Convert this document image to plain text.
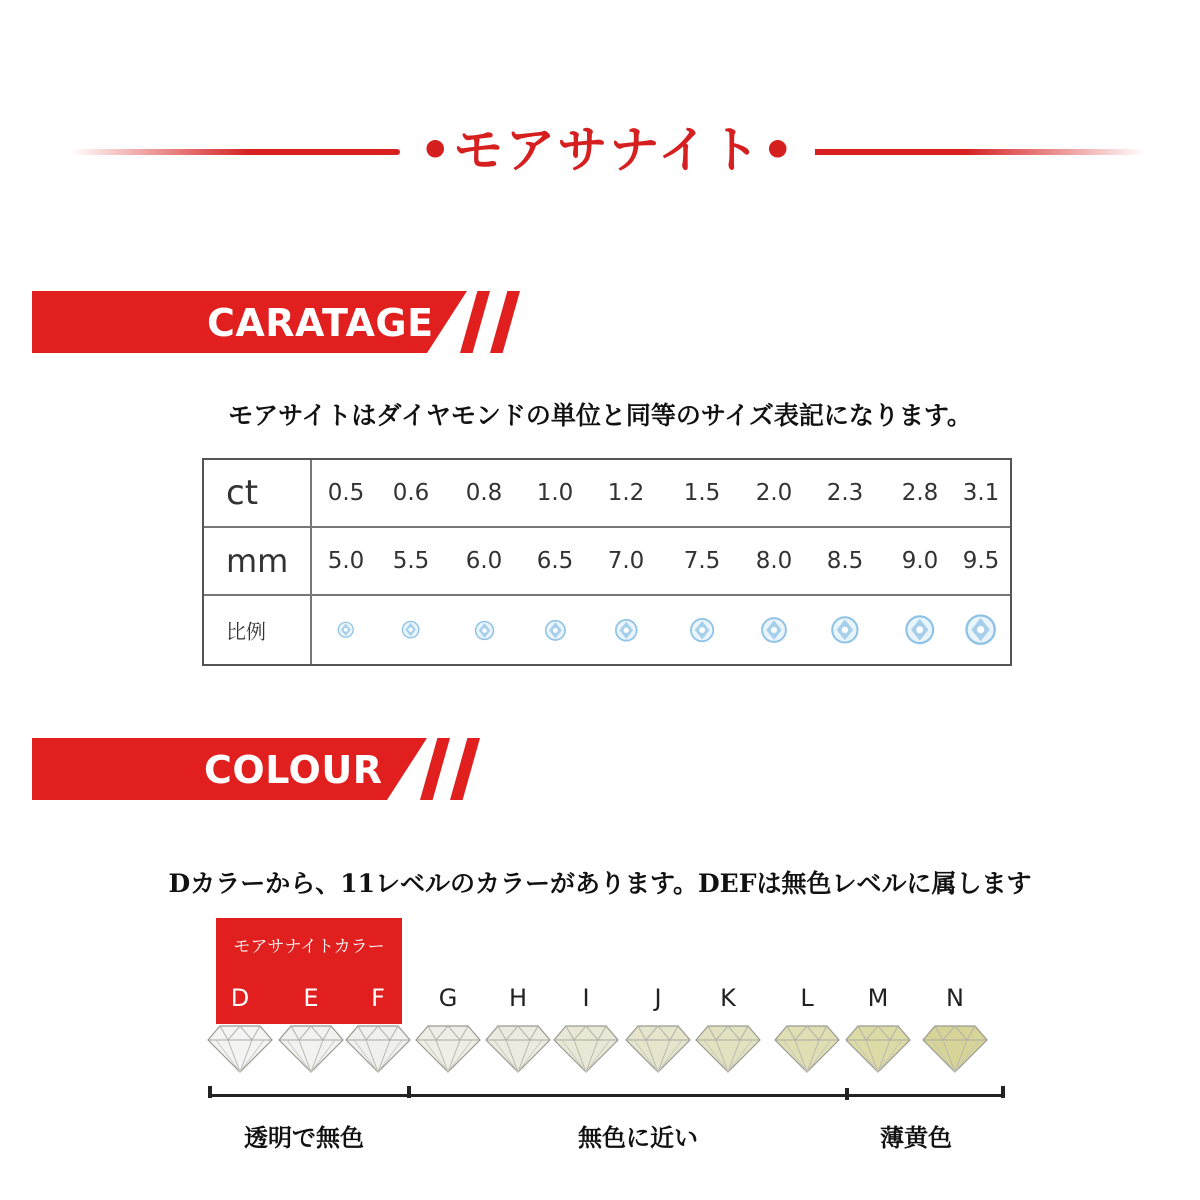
•モアサナイト•
CARATAGE
モアサイトはダイヤモンドの単位と同等のサイズ表記になります。
ct	0.5	0.6	0.8	1.0	1.2	1.5	2.0	2.3	2.8	3.1
mm	5.0	5.5	6.0	6.5	7.0	7.5	8.0	8.5	9.0	9.5
比例
COLOUR
Dカラーから、11レベルのカラーがあります。DEFは無色レベルに属します
モアサナイトカラー
D	E	F	G	H	I	J	K	L	M	N
透明で無色	無色に近い	薄黄色
